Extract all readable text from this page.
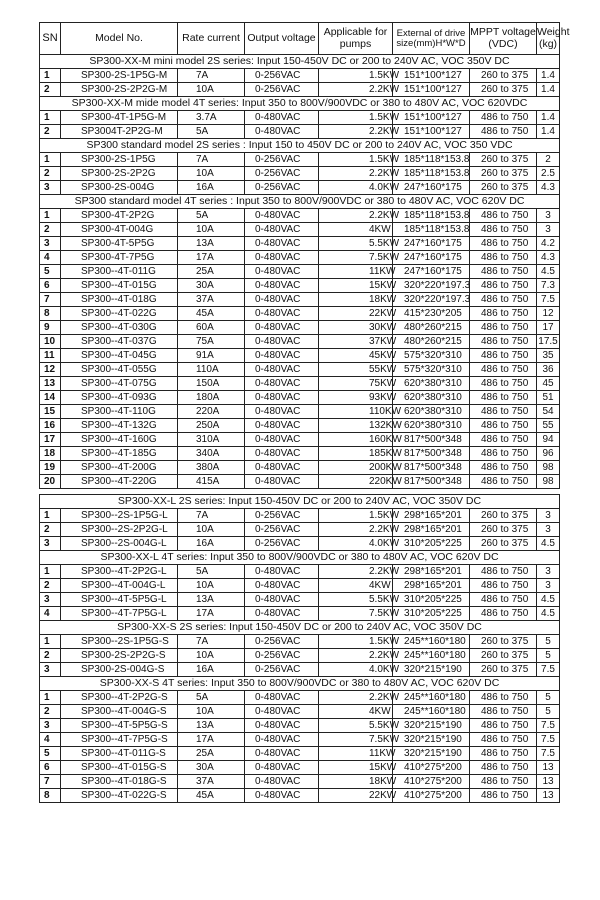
SN	Model No.	Rate current	Output voltage	Applicable for pumps	External of drive size(mm)H*W*D	MPPT voltage (VDC)	Weight (kg)
SP300-XX-M mini model 2S series: Input 150-450V DC or 200 to 240V AC, VOC 350V DC							
1	SP300-2S-1P5G-M	7A	0-256VAC	1.5KW	151*100*127	260 to 375	1.4
2	SP300-2S-2P2G-M	10A	0-256VAC	2.2KW	151*100*127	260 to 375	1.4
SP300-XX-M mide model 4T series: Input 350 to 800V/900VDC or 380 to 480V AC, VOC 620VDC							
1	SP300-4T-1P5G-M	3.7A	0-480VAC	1.5KW	151*100*127	486 to 750	1.4
2	SP3004T-2P2G-M	5A	0-480VAC	2.2KW	151*100*127	486 to 750	1.4
SP300 standard model 2S series : Input 150 to 450V DC or 200 to 240V AC, VOC 350 VDC							
1	SP300-2S-1P5G	7A	0-256VAC	1.5KW	185*118*153.8	260 to 375	2
2	SP300-2S-2P2G	10A	0-256VAC	2.2KW	185*118*153.8	260 to 375	2.5
3	SP300-2S-004G	16A	0-256VAC	4.0KW	247*160*175	260 to 375	4.3
SP300 standard model 4T series : Input 350 to 800V/900VDC or 380 to 480V AC, VOC 620V DC							
1	SP300-4T-2P2G	5A	0-480VAC	2.2KW	185*118*153.8	486 to 750	3
2	SP300-4T-004G	10A	0-480VAC	4KW	185*118*153.8	486 to 750	3
3	SP300-4T-5P5G	13A	0-480VAC	5.5KW	247*160*175	486 to 750	4.2
4	SP300-4T-7P5G	17A	0-480VAC	7.5KW	247*160*175	486 to 750	4.3
5	SP300--4T-011G	25A	0-480VAC	11KW	247*160*175	486 to 750	4.5
6	SP300--4T-015G	30A	0-480VAC	15KW	320*220*197.3	486 to 750	7.3
7	SP300--4T-018G	37A	0-480VAC	18KW	320*220*197.3	486 to 750	7.5
8	SP300--4T-022G	45A	0-480VAC	22KW	415*230*205	486 to 750	12
9	SP300--4T-030G	60A	0-480VAC	30KW	480*260*215	486 to 750	17
10	SP300--4T-037G	75A	0-480VAC	37KW	480*260*215	486 to 750	17.5
11	SP300--4T-045G	91A	0-480VAC	45KW	575*320*310	486 to 750	35
12	SP300--4T-055G	110A	0-480VAC	55KW	575*320*310	486 to 750	36
13	SP300--4T-075G	150A	0-480VAC	75KW	620*380*310	486 to 750	45
14	SP300--4T-093G	180A	0-480VAC	93KW	620*380*310	486 to 750	51
15	SP300--4T-110G	220A	0-480VAC	110KW	620*380*310	486 to 750	54
16	SP300--4T-132G	250A	0-480VAC	132KW	620*380*310	486 to 750	55
17	SP300--4T-160G	310A	0-480VAC	160KW	817*500*348	486 to 750	94
18	SP300--4T-185G	340A	0-480VAC	185KW	817*500*348	486 to 750	96
19	SP300--4T-200G	380A	0-480VAC	200KW	817*500*348	486 to 750	98
20	SP300--4T-220G	415A	0-480VAC	220KW	817*500*348	486 to 750	98

SP300-XX-L 2S series: Input 150-450V DC or 200 to 240V AC, VOC 350V DC							
1	SP300--2S-1P5G-L	7A	0-256VAC	1.5KW	298*165*201	260 to 375	3
2	SP300--2S-2P2G-L	10A	0-256VAC	2.2KW	298*165*201	260 to 375	3
3	SP300--2S-004G-L	16A	0-256VAC	4.0KW	310*205*225	260 to 375	4.5
SP300-XX-L 4T series: Input 350 to 800V/900VDC or 380 to 480V AC, VOC 620V DC							
1	SP300--4T-2P2G-L	5A	0-480VAC	2.2KW	298*165*201	486 to 750	3
2	SP300--4T-004G-L	10A	0-480VAC	4KW	298*165*201	486 to 750	3
3	SP300--4T-5P5G-L	13A	0-480VAC	5.5KW	310*205*225	486 to 750	4.5
4	SP300--4T-7P5G-L	17A	0-480VAC	7.5KW	310*205*225	486 to 750	4.5
SP300-XX-S 2S series: Input 150-450V DC or 200 to 240V AC, VOC 350V DC							
1	SP300--2S-1P5G-S	7A	0-256VAC	1.5KW	245**160*180	260 to 375	5
2	SP300-2S-2P2G-S	10A	0-256VAC	2.2KW	245**160*180	260 to 375	5
3	SP300-2S-004G-S	16A	0-256VAC	4.0KW	320*215*190	260 to 375	7.5
SP300-XX-S 4T series: Input 350 to 800V/900VDC or 380 to 480V AC, VOC 620V DC							
1	SP300--4T-2P2G-S	5A	0-480VAC	2.2KW	245**160*180	486 to 750	5
2	SP300--4T-004G-S	10A	0-480VAC	4KW	245**160*180	486 to 750	5
3	SP300--4T-5P5G-S	13A	0-480VAC	5.5KW	320*215*190	486 to 750	7.5
4	SP300--4T-7P5G-S	17A	0-480VAC	7.5KW	320*215*190	486 to 750	7.5
5	SP300--4T-011G-S	25A	0-480VAC	11KW	320*215*190	486 to 750	7.5
6	SP300--4T-015G-S	30A	0-480VAC	15KW	410*275*200	486 to 750	13
7	SP300--4T-018G-S	37A	0-480VAC	18KW	410*275*200	486 to 750	13
8	SP300--4T-022G-S	45A	0-480VAC	22KW	410*275*200	486 to 750	13
